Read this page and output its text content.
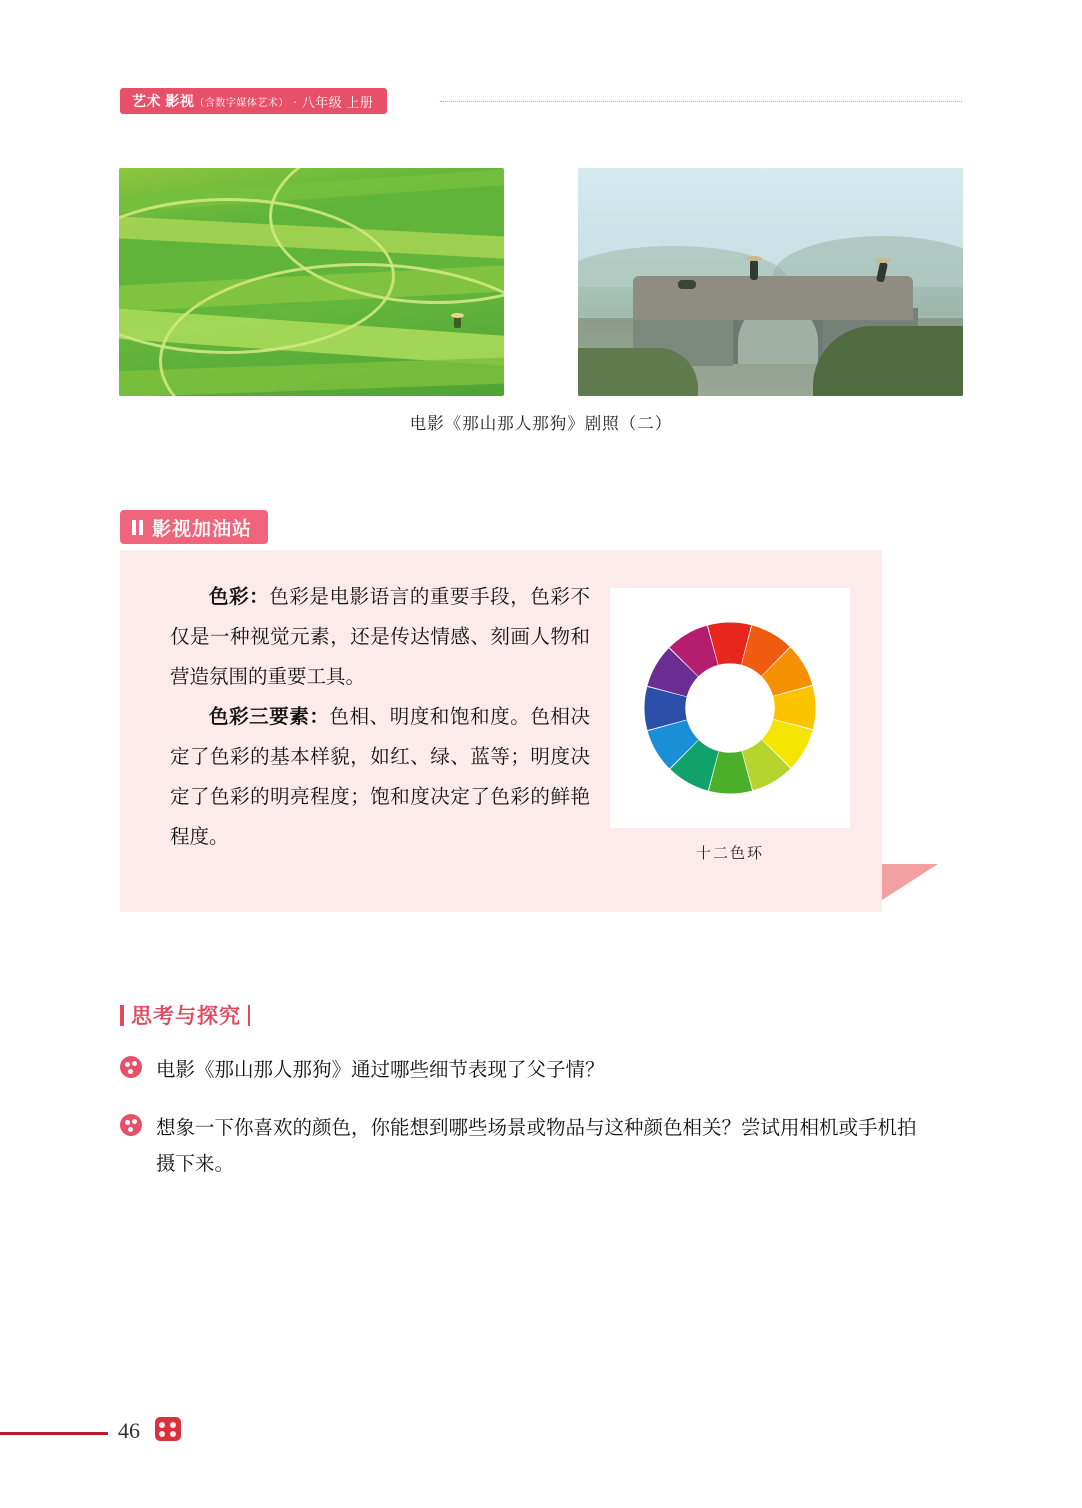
艺术 影视 （含数字媒体艺术） · 八年级 上册
电影《那山那人那狗》剧照（二）
影视加油站

色彩：色彩是电影语言的重要手段，色彩不仅是一种视觉元素，还是传达情感、刻画人物和营造氛围的重要工具。

色彩三要素：色相、明度和饱和度。色相决定了色彩的基本样貌，如红、绿、蓝等；明度决定了色彩的明亮程度；饱和度决定了色彩的鲜艳程度。

十二色环
思考与探究
电影《那山那人那狗》通过哪些细节表现了父子情？
想象一下你喜欢的颜色，你能想到哪些场景或物品与这种颜色相关？尝试用相机或手机拍摄下来。
46
